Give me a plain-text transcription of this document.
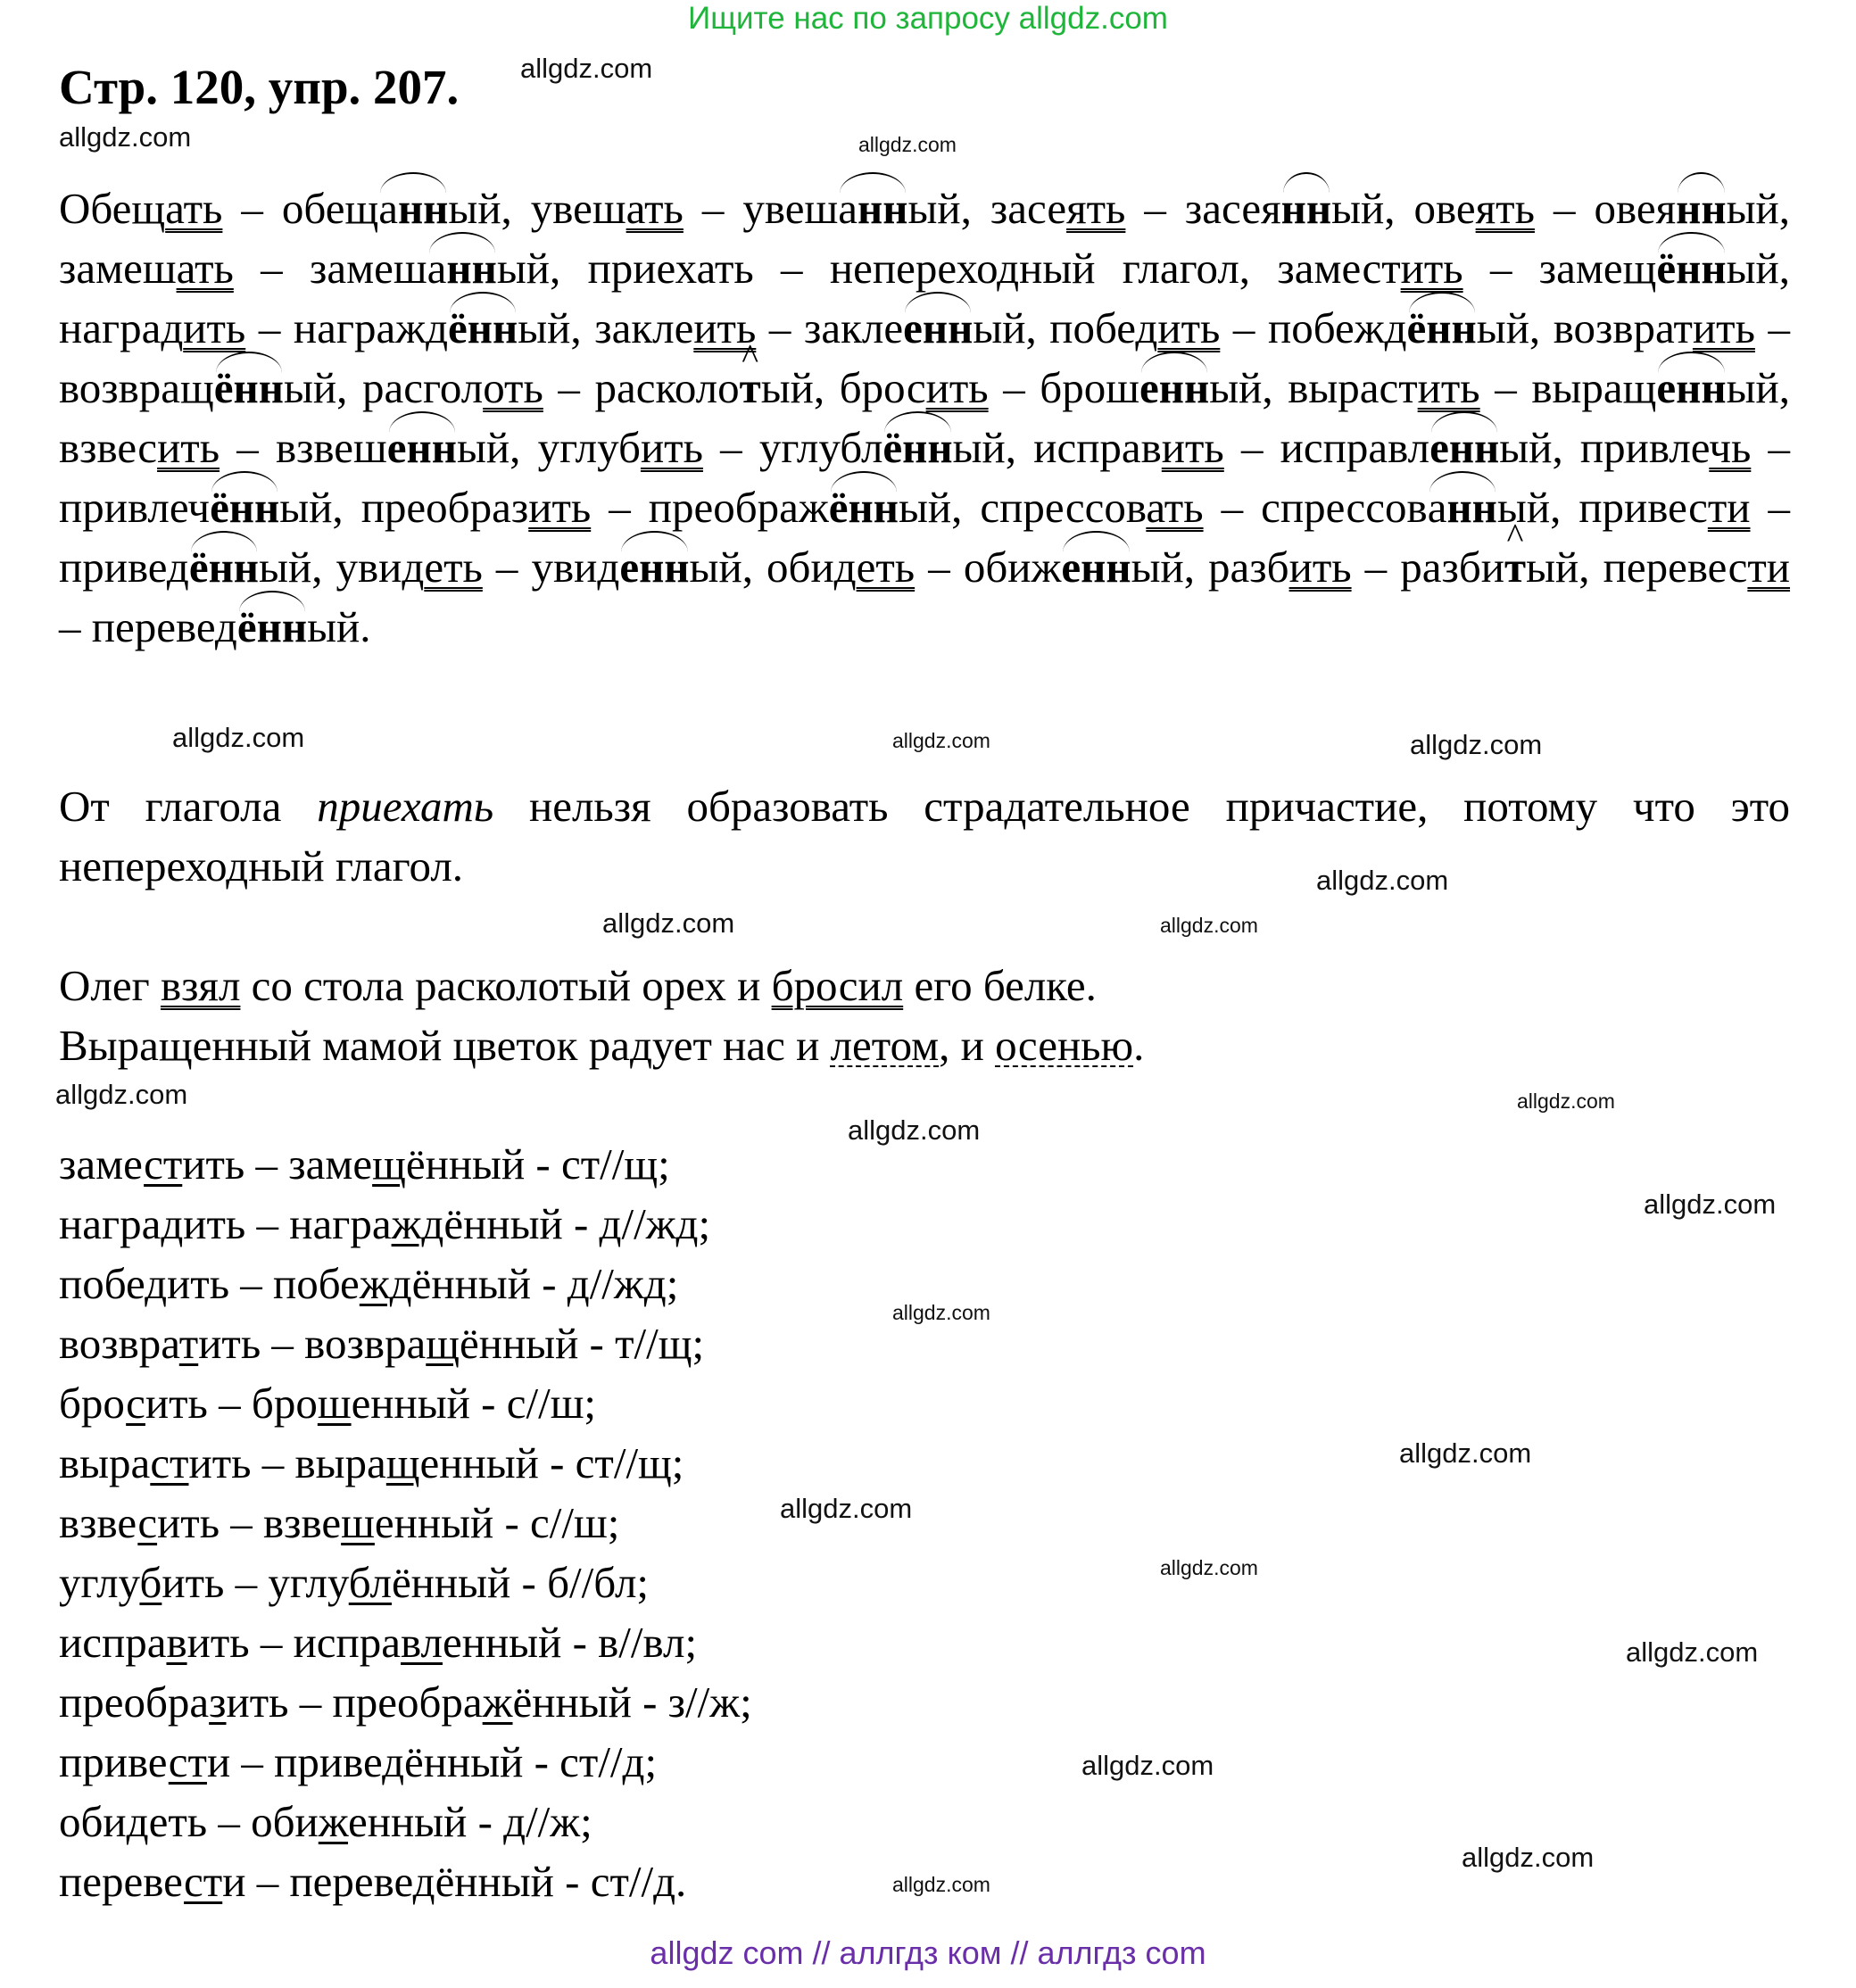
Ищите нас по запросу allgdz.com
Стр. 120, упр. 207.
Обещать – обещанный, увешать – увешанный, засеять – засеянный, овеять – овеянный, замешать – замешанный, приехать – непереходный глагол, заместить – замещённый, наградить – награждённый, заклеить – заклеенный, победить – побеждённый, возвратить – возвращённый, расголоть – расколо^ тый, бросить – брошенный, вырастить – выращенный, взвесить – взвешенный, углубить – углублённый, исправить – исправленный, привлечь – привлечённый, преобразить – преображённый, спрессовать – спрессованный, привести – приведённый, увидеть – увиденный, обидеть – обиженный, разбить – разби^ тый, перевести – переведённый.
От глагола приехать нельзя образовать страдательное причастие, потому что это непереходный глагол.
Олег взял со стола расколотый орех и бросил его белке.
Выращенный мамой цветок радует нас и летом, и осенью.
заместить – замещённый - ст//щ;
наградить – награждённый - д//жд;
победить – побеждённый - д//жд;
возвратить – возвращённый - т//щ;
бросить – брошенный - с//ш;
вырастить – выращенный - ст//щ;
взвесить – взвешенный - с//ш;
углубить – углублённый - б//бл;
исправить – исправленный - в//вл;
преобразить – преображённый - з//ж;
привести – приведённый - ст//д;
обидеть – обиженный - д//ж;
перевести – переведённый - ст//д.
allgdz.com
allgdz.com	allgdz.com
allgdz.com
allgdz.com
allgdz.com
allgdz.com
allgdz.com
allgdz.com
allgdz.com
allgdz.com
allgdz.com
allgdz.com
allgdz.com
allgdz.com
allgdz.com
allgdz.com
allgdz.com
allgdz.com
allgdz.com
allgdz.com
allgdz com // аллгдз ком // аллгдз com
